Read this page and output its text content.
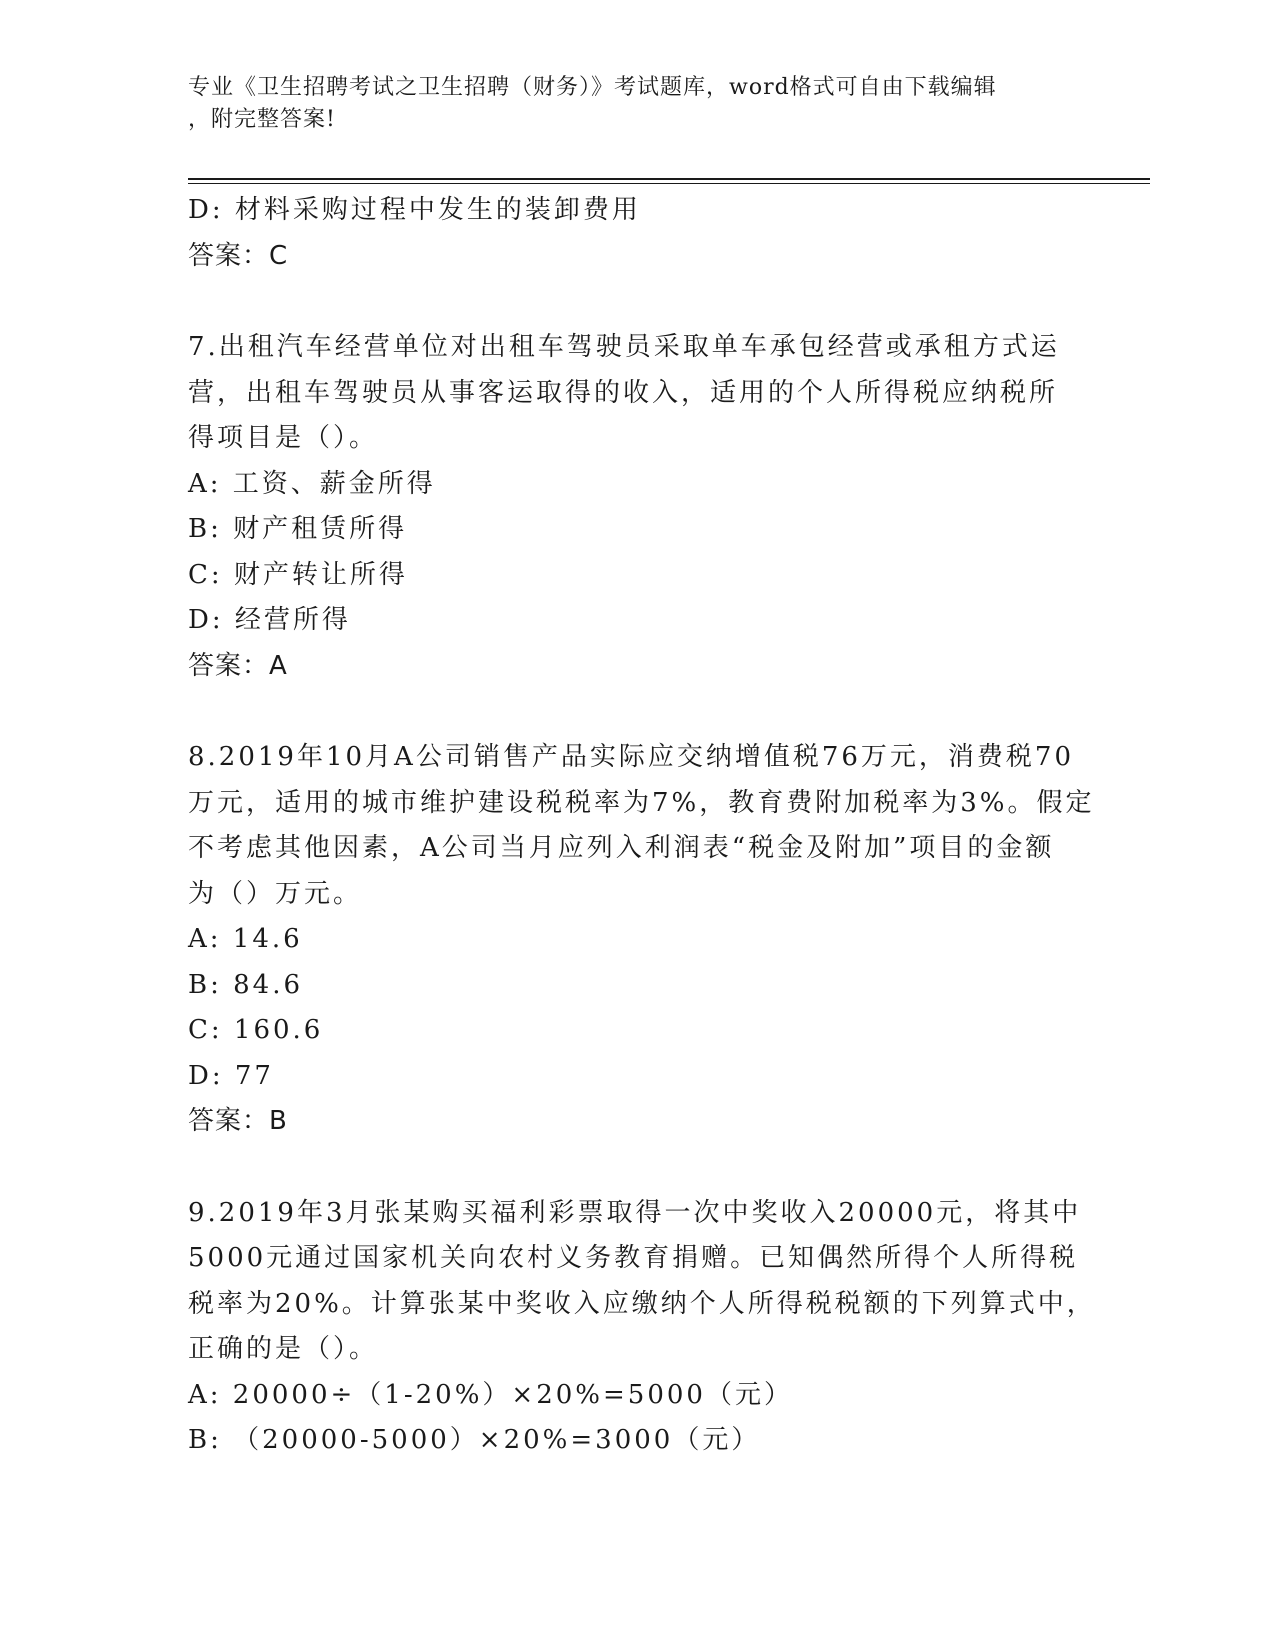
专业《卫生招聘考试之卫生招聘（财务）》考试题库，word格式可自由下载编辑
，附完整答案!
D: 材料采购过程中发生的装卸费用
答案：C
7.出租汽车经营单位对出租车驾驶员采取单车承包经营或承租方式运
营，出租车驾驶员从事客运取得的收入，适用的个人所得税应纳税所
得项目是（）。
A: 工资、薪金所得
B: 财产租赁所得
C: 财产转让所得
D: 经营所得
答案：A
8.2019年10月A公司销售产品实际应交纳增值税76万元，消费税70
万元，适用的城市维护建设税税率为7%，教育费附加税率为3%。假定
不考虑其他因素，A公司当月应列入利润表“税金及附加”项目的金额
为（）万元。
A: 14.6
B: 84.6
C: 160.6
D: 77
答案：B
9.2019年3月张某购买福利彩票取得一次中奖收入20000元，将其中
5000元通过国家机关向农村义务教育捐赠。已知偶然所得个人所得税
税率为20%。计算张某中奖收入应缴纳个人所得税税额的下列算式中，
正确的是（）。
A: 20000÷（1-20%）×20%=5000（元）
B: （20000-5000）×20%=3000（元）
